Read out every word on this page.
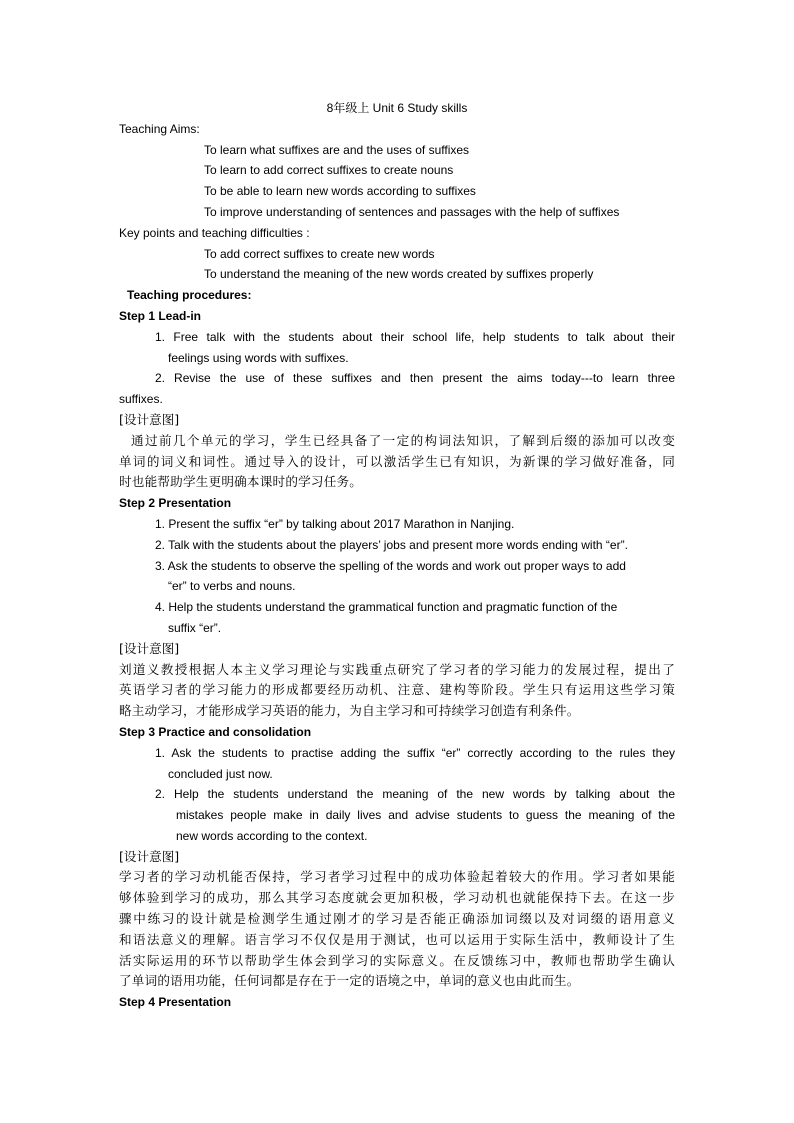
8年级上 Unit 6 Study skills
Teaching Aims:
To learn what suffixes are and the uses of suffixes
To learn to add correct suffixes to create nouns
To be able to learn new words according to suffixes
To improve understanding of sentences and passages with the help of suffixes
Key points and teaching difficulties :
To add correct suffixes to create new words
To understand the meaning of the new words created by suffixes properly
Teaching procedures:
Step 1 Lead-in
1. Free talk with the students about their school life, help students to talk about their
feelings using words with suffixes.
2. Revise the use of these suffixes and then present the aims today---to learn three
suffixes.
[设计意图]
通过前几个单元的学习，学生已经具备了一定的构词法知识，了解到后缀的添加可以改变
单词的词义和词性。通过导入的设计，可以激活学生已有知识，为新课的学习做好准备，同
时也能帮助学生更明确本课时的学习任务。
Step 2 Presentation
1. Present the suffix “er” by talking about 2017 Marathon in Nanjing.
2. Talk with the students about the players’ jobs and present more words ending with “er”.
3. Ask the students to observe the spelling of the words and work out proper ways to add
“er” to verbs and nouns.
4. Help the students understand the grammatical function and pragmatic function of the
suffix “er”.
[设计意图]
刘道义教授根据人本主义学习理论与实践重点研究了学习者的学习能力的发展过程，提出了
英语学习者的学习能力的形成都要经历动机、注意、建构等阶段。学生只有运用这些学习策
略主动学习，才能形成学习英语的能力，为自主学习和可持续学习创造有利条件。
Step 3 Practice and consolidation
1. Ask the students to practise adding the suffix “er” correctly according to the rules they
concluded just now.
2. Help the students understand the meaning of the new words by talking about the
mistakes people make in daily lives and advise students to guess the meaning of the
new words according to the context.
[设计意图]
学习者的学习动机能否保持，学习者学习过程中的成功体验起着较大的作用。学习者如果能
够体验到学习的成功，那么其学习态度就会更加积极，学习动机也就能保持下去。在这一步
骤中练习的设计就是检测学生通过刚才的学习是否能正确添加词缀以及对词缀的语用意义
和语法意义的理解。语言学习不仅仅是用于测试，也可以运用于实际生活中，教师设计了生
活实际运用的环节以帮助学生体会到学习的实际意义。在反馈练习中，教师也帮助学生确认
了单词的语用功能，任何词都是存在于一定的语境之中，单词的意义也由此而生。
Step 4 Presentation
